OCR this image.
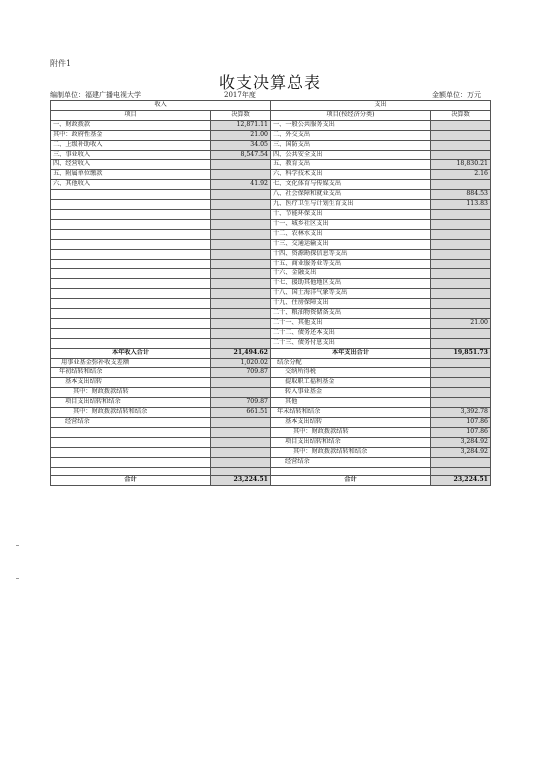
附件1
收支决算总表
编制单位：福建广播电视大学	2017年度	金额单位：万元
收入		支出	
项目	决算数	项目(按经济分类)	决算数
一、财政拨款	12,871.11	一、一般公共服务支出	
其中：政府性基金	21.00	二、外交支出	
二、上级补助收入	34.05	三、国防支出	
三、事业收入	8,547.54	四、公共安全支出	
四、经营收入		五、教育支出	18,830.21
五、附属单位缴款		六、科学技术支出	2.16
六、其他收入	41.92	七、文化体育与传媒支出	
		八、社会保障和就业支出	884.53
		九、医疗卫生与计划生育支出	113.83
		十、节能环保支出	
		十一、城乡社区支出	
		十二、农林水支出	
		十三、交通运输支出	
		十四、资源勘探信息等支出	
		十五、商业服务业等支出	
		十六、金融支出	
		十七、援助其他地区支出	
		十八、国土海洋气象等支出	
		十九、住房保障支出	
		二十、粮油物资储备支出	
		二十一、其他支出	21.00
		二十二、债务还本支出	
		二十三、债务付息支出	
本年收入合计	21,494.62	本年支出合计	19,851.73
用事业基金弥补收支差额	1,020.02	结余分配	
年初结转和结余	709.87	交纳所得税	
基本支出结转		提取职工福利基金	
其中：财政拨款结转		转入事业基金	
项目支出结转和结余	709.87	其他	
其中：财政拨款结转和结余	661.51	年末结转和结余	3,392.78
经营结余		基本支出结转	107.86
		其中：财政拨款结转	107.86
		项目支出结转和结余	3,284.92
		其中：财政拨款结转和结余	3,284.92
		经营结余	

合计	23,224.51	合计	23,224.51
